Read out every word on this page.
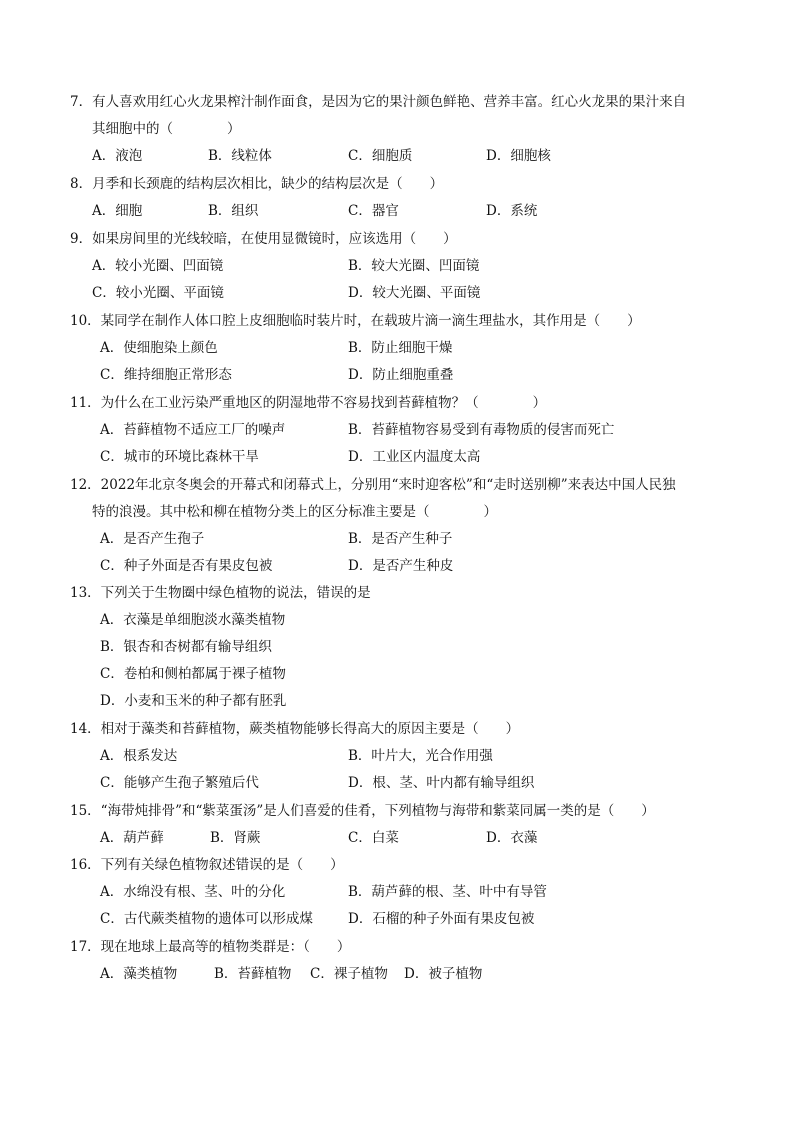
7．有人喜欢用红心火龙果榨汁制作面食，是因为它的果汁颜色鲜艳、营养丰富。红心火龙果的果汁来自
其细胞中的（　　　　）
A．液泡	B．线粒体	C．细胞质	D．细胞核
8．月季和长颈鹿的结构层次相比，缺少的结构层次是（　　）
A．细胞	B．组织	C．器官	D．系统
9．如果房间里的光线较暗，在使用显微镜时，应该选用（　　）
A．较小光圈、凹面镜	B．较大光圈、凹面镜
C．较小光圈、平面镜	D．较大光圈、平面镜
10．某同学在制作人体口腔上皮细胞临时装片时，在载玻片滴一滴生理盐水，其作用是（　　）
A．使细胞染上颜色	B．防止细胞干燥
C．维持细胞正常形态	D．防止细胞重叠
11．为什么在工业污染严重地区的阴湿地带不容易找到苔藓植物？（　　　　）
A．苔藓植物不适应工厂的噪声	B．苔藓植物容易受到有毒物质的侵害而死亡
C．城市的环境比森林干旱	D．工业区内温度太高
12．2022年北京冬奥会的开幕式和闭幕式上，分别用“来时迎客松”和“走时送别柳”来表达中国人民独
特的浪漫。其中松和柳在植物分类上的区分标准主要是（　　　　）
A．是否产生孢子	B．是否产生种子
C．种子外面是否有果皮包被	D．是否产生种皮
13．下列关于生物圈中绿色植物的说法，错误的是
A．衣藻是单细胞淡水藻类植物
B．银杏和杏树都有输导组织
C．卷柏和侧柏都属于裸子植物
D．小麦和玉米的种子都有胚乳
14．相对于藻类和苔藓植物，蕨类植物能够长得高大的原因主要是（　　）
A．根系发达	B．叶片大，光合作用强
C．能够产生孢子繁殖后代	D．根、茎、叶内都有输导组织
15．“海带炖排骨”和“紫菜蛋汤”是人们喜爱的佳肴，下列植物与海带和紫菜同属一类的是（　　）
A．葫芦藓	B．肾蕨	C．白菜	D．衣藻
16．下列有关绿色植物叙述错误的是（　　）
A．水绵没有根、茎、叶的分化	B．葫芦藓的根、茎、叶中有导管
C．古代蕨类植物的遗体可以形成煤	D．石榴的种子外面有果皮包被
17．现在地球上最高等的植物类群是：（　　）
A．藻类植物	B．苔藓植物 C．裸子植物 D．被子植物
